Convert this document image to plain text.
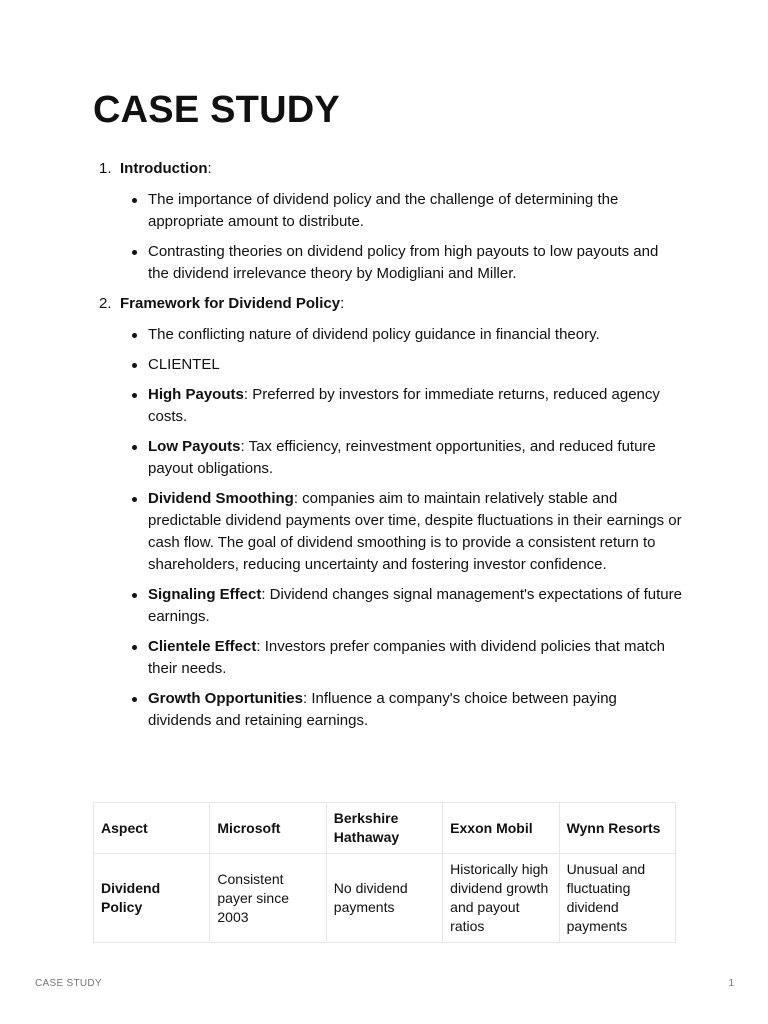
CASE STUDY
1. Introduction:
The importance of dividend policy and the challenge of determining the appropriate amount to distribute.
Contrasting theories on dividend policy from high payouts to low payouts and the dividend irrelevance theory by Modigliani and Miller.
2. Framework for Dividend Policy:
The conflicting nature of dividend policy guidance in financial theory.
CLIENTEL
High Payouts: Preferred by investors for immediate returns, reduced agency costs.
Low Payouts: Tax efficiency, reinvestment opportunities, and reduced future payout obligations.
Dividend Smoothing: companies aim to maintain relatively stable and predictable dividend payments over time, despite fluctuations in their earnings or cash flow. The goal of dividend smoothing is to provide a consistent return to shareholders, reducing uncertainty and fostering investor confidence.
Signaling Effect: Dividend changes signal management's expectations of future earnings.
Clientele Effect: Investors prefer companies with dividend policies that match their needs.
Growth Opportunities: Influence a company's choice between paying dividends and retaining earnings.
Aspect	Microsoft	Berkshire Hathaway	Exxon Mobil	Wynn Resorts
Dividend Policy	Consistent payer since 2003	No dividend payments	Historically high dividend growth and payout ratios	Unusual and fluctuating dividend payments
CASE STUDY	1
